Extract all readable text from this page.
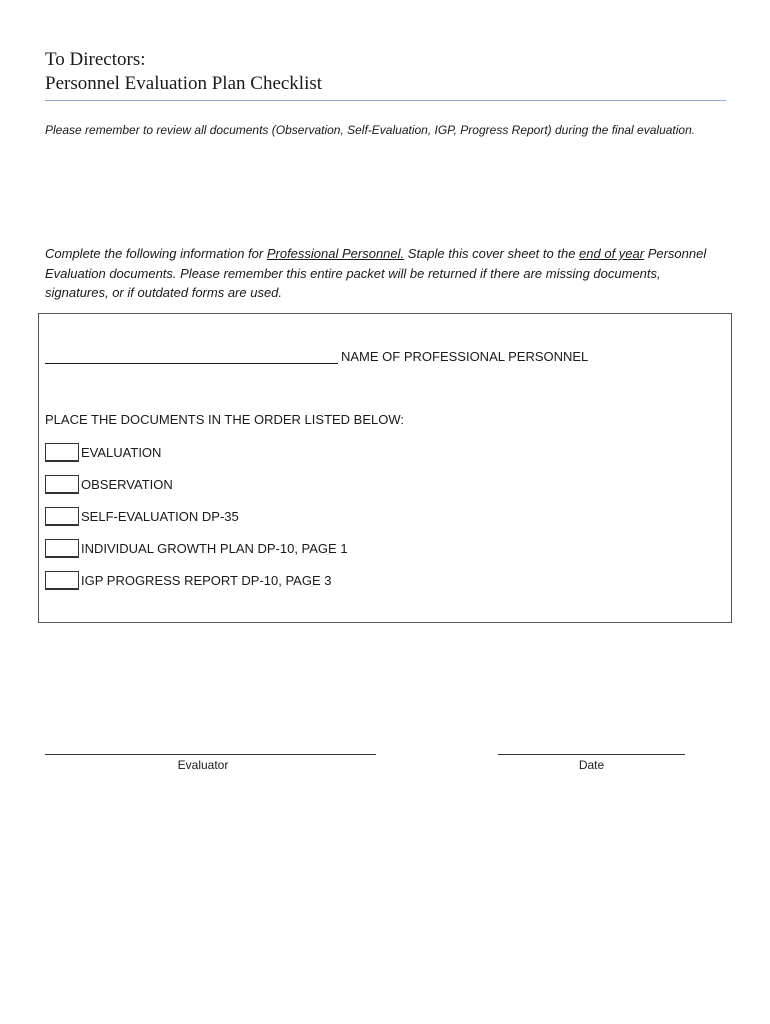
To Directors:
Personnel Evaluation Plan Checklist
Please remember to review all documents (Observation, Self-Evaluation, IGP, Progress Report) during the final evaluation.
Complete the following information for Professional Personnel. Staple this cover sheet to the end of year Personnel Evaluation documents. Please remember this entire packet will be returned if there are missing documents, signatures, or if outdated forms are used.
NAME OF PROFESSIONAL PERSONNEL
PLACE THE DOCUMENTS IN THE ORDER LISTED BELOW:
EVALUATION
OBSERVATION
SELF-EVALUATION DP-35
INDIVIDUAL GROWTH PLAN DP-10, PAGE 1
IGP PROGRESS REPORT DP-10, PAGE 3
Evaluator	Date
